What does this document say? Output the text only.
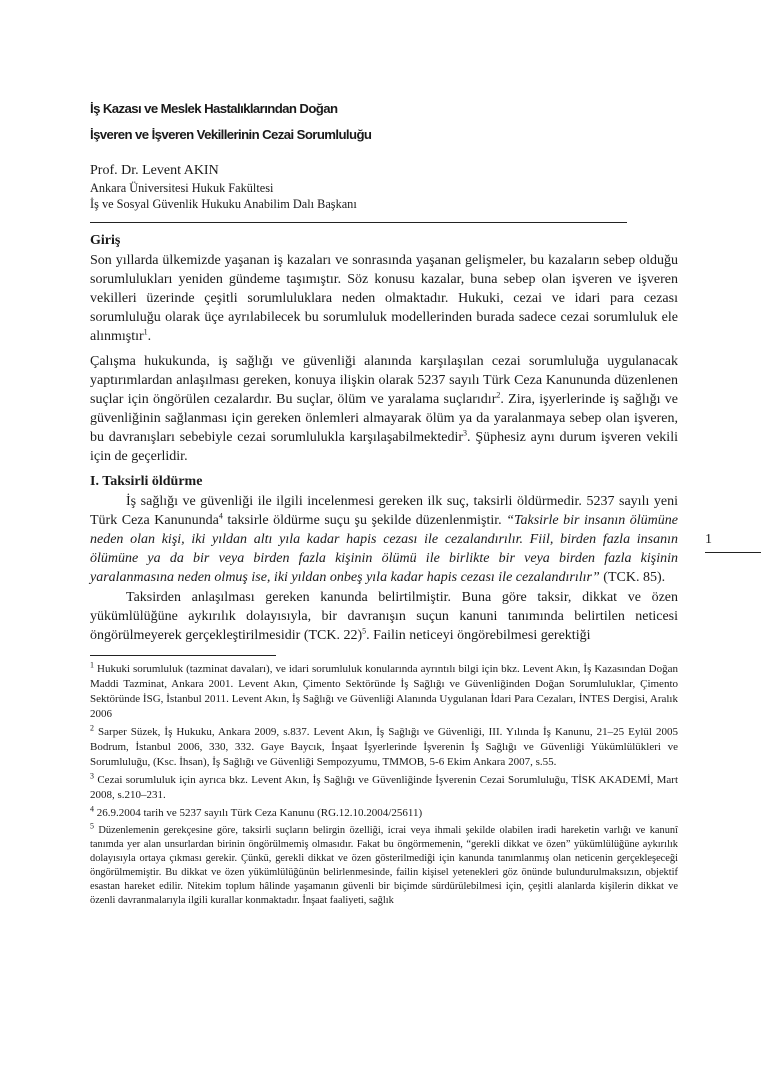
İş Kazası ve Meslek Hastalıklarından Doğan
İşveren ve İşveren Vekillerinin Cezai Sorumluluğu
Prof. Dr. Levent AKIN
Ankara Üniversitesi Hukuk Fakültesi
İş ve Sosyal Güvenlik Hukuku Anabilim Dalı Başkanı
Giriş

Son yıllarda ülkemizde yaşanan iş kazaları ve sonrasında yaşanan gelişmeler, bu kazaların sebep olduğu sorumlulukları yeniden gündeme taşımıştır. Söz konusu kazalar, buna sebep olan işveren ve işveren vekilleri üzerinde çeşitli sorumluluklara neden olmaktadır. Hukuki, cezai ve idari para cezası sorumluluğu olarak üçe ayrılabilecek bu sorumluluk modellerinden burada sadece cezai sorumluluk ele alınmıştır$^1$.

Çalışma hukukunda, iş sağlığı ve güvenliği alanında karşılaşılan cezai sorumluluğa uygulanacak yaptırımlardan anlaşılması gereken, konuya ilişkin olarak 5237 sayılı Türk Ceza Kanununda düzenlenen suçlar için öngörülen cezalardır. Bu suçlar, ölüm ve yaralama suçlarıdır$^2$. Zira, işyerlerinde iş sağlığı ve güvenliğinin sağlanması için gereken önlemleri almayarak ölüm ya da yaralanmaya sebep olan işveren, bu davranışları sebebiyle cezai sorumlulukla karşılaşabilmektedir$^3$. Şüphesiz aynı durum işveren vekili için de geçerlidir.

I. Taksirli öldürme

İş sağlığı ve güvenliği ile ilgili incelenmesi gereken ilk suç, taksirli öldürmedir. 5237 sayılı yeni Türk Ceza Kanununda$^4$ taksirle öldürme suçu şu şekilde düzenlenmiştir. “Taksirle bir insanın ölümüne neden olan kişi, iki yıldan altı yıla kadar hapis cezası ile cezalandırılır. Fiil, birden fazla insanın ölümüne ya da bir veya birden fazla kişinin ölümü ile birlikte bir veya birden fazla kişinin yaralanmasına neden olmuş ise, iki yıldan onbeş yıla kadar hapis cezası ile cezalandırılır” (TCK. 85).

Taksirden anlaşılması gereken kanunda belirtilmiştir. Buna göre taksir, dikkat ve özen yükümlülüğüne aykırılık dolayısıyla, bir davranışın suçun kanuni tanımında belirtilen neticesi öngörülmeyerek gerçekleştirilmesidir (TCK. 22)$^5$. Failin neticeyi öngörebilmesi gerektiği

$^1$ Hukuki sorumluluk (tazminat davaları), ve idari sorumluluk konularında ayrıntılı bilgi için bkz. Levent Akın, İş Kazasından Doğan Maddi Tazminat, Ankara 2001. Levent Akın, Çimento Sektöründe İş Sağlığı ve Güvenliğinden Doğan Sorumluluklar, Çimento Sektöründe İSG, İstanbul 2011. Levent Akın, İş Sağlığı ve Güvenliği Alanında Uygulanan İdari Para Cezaları, İNTES Dergisi, Aralık 2006

$^2$ Sarper Süzek, İş Hukuku, Ankara 2009, s.837. Levent Akın, İş Sağlığı ve Güvenliği, III. Yılında İş Kanunu, 21–25 Eylül 2005 Bodrum, İstanbul 2006, 330, 332. Gaye Baycık, İnşaat İşyerlerinde İşverenin İş Sağlığı ve Güvenliği Yükümlülükleri ve Sorumluluğu, (Ksc. İhsan), İş Sağlığı ve Güvenliği Sempozyumu, TMMOB, 5-6 Ekim Ankara 2007, s.55.

$^3$ Cezai sorumluluk için ayrıca bkz. Levent Akın, İş Sağlığı ve Güvenliğinde İşverenin Cezai Sorumluluğu, TİSK AKADEMİ, Mart 2008, s.210–231.

$^4$ 26.9.2004 tarih ve 5237 sayılı Türk Ceza Kanunu (RG.12.10.2004/25611)

$^5$ Düzenlemenin gerekçesine göre, taksirli suçların belirgin özelliği, icrai veya ihmali şekilde olabilen iradi hareketin varlığı ve kanunî tanımda yer alan unsurlardan birinin öngörülmemiş olmasıdır. Fakat bu öngörmemenin, “gerekli dikkat ve özen” yükümlülüğüne aykırılık dolayısıyla ortaya çıkması gerekir. Çünkü, gerekli dikkat ve özen gösterilmediği için kanunda tanımlanmış olan neticenin gerçekleşeceği öngörülmemiştir. Bu dikkat ve özen yükümlülüğünün belirlenmesinde, failin kişisel yetenekleri göz önünde bulundurulmaksızın, objektif esastan hareket edilir. Nitekim toplum hâlinde yaşamanın güvenli bir biçimde sürdürülebilmesi için, çeşitli alanlarda kişilerin dikkat ve özenli davranmalarıyla ilgili kurallar konmaktadır. İnşaat faaliyeti, sağlık

1
